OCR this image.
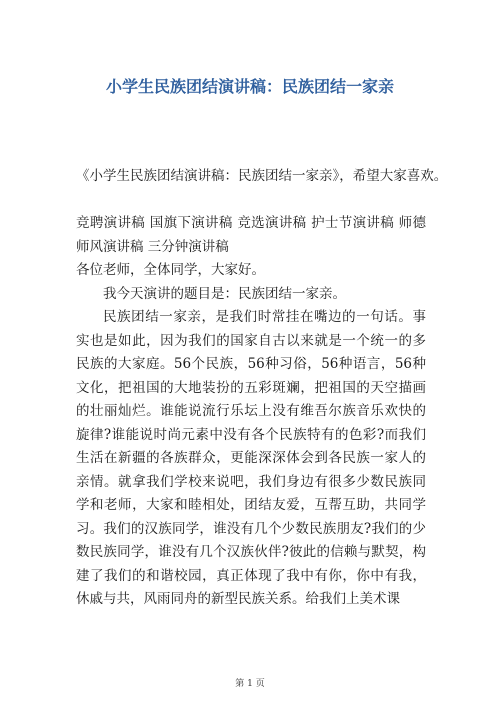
小学生民族团结演讲稿：民族团结一家亲
《小学生民族团结演讲稿：民族团结一家亲》，希望大家喜欢。

竞聘演讲稿 国旗下演讲稿 竞选演讲稿 护士节演讲稿 师德师风演讲稿 三分钟演讲稿

各位老师，全体同学，大家好。

我今天演讲的题目是：民族团结一家亲。

民族团结一家亲，是我们时常挂在嘴边的一句话。事实也是如此，因为我们的国家自古以来就是一个统一的多民族的大家庭。56个民族，56种习俗，56种语言，56种文化，把祖国的大地装扮的五彩斑斓，把祖国的天空描画的壮丽灿烂。谁能说流行乐坛上没有维吾尔族音乐欢快的旋律?谁能说时尚元素中没有各个民族特有的色彩?而我们生活在新疆的各族群众，更能深深体会到各民族一家人的亲情。就拿我们学校来说吧，我们身边有很多少数民族同学和老师，大家和睦相处，团结友爱，互帮互助，共同学习。我们的汉族同学，谁没有几个少数民族朋友?我们的少数民族同学，谁没有几个汉族伙伴?彼此的信赖与默契，构建了我们的和谐校园，真正体现了我中有你，你中有我，休戚与共，风雨同舟的新型民族关系。给我们上美术课

第 1 页
